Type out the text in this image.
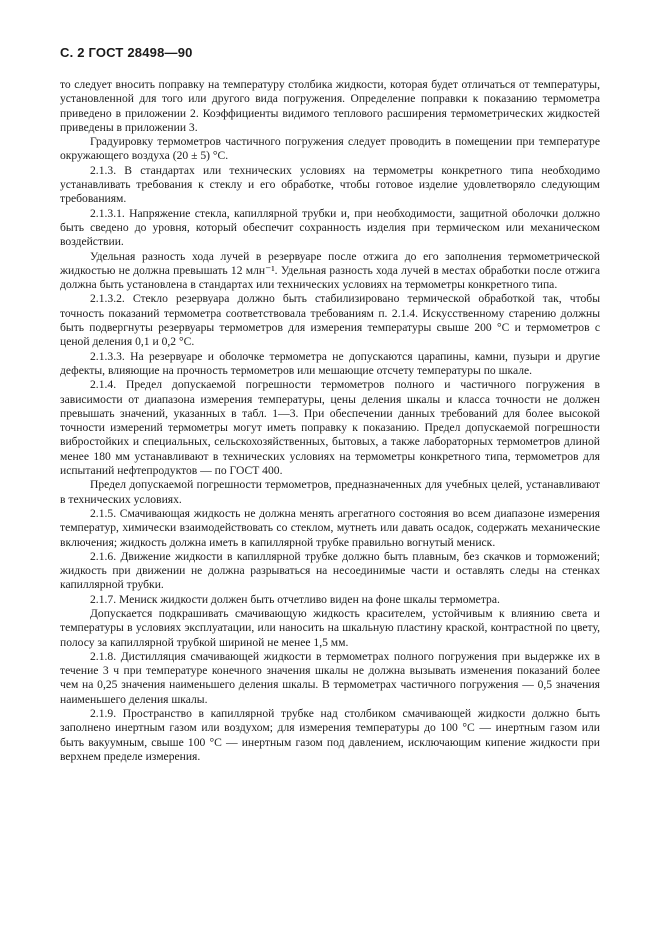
С. 2 ГОСТ 28498—90

то следует вносить поправку на температуру столбика жидкости, которая будет отличаться от температуры, установленной для того или другого вида погружения. Определение поправки к показанию термометра приведено в приложении 2. Коэффициенты видимого теплового расширения термометрических жидкостей приведены в приложении 3.

Градуировку термометров частичного погружения следует проводить в помещении при температуре окружающего воздуха (20 ± 5) °С.

2.1.3. В стандартах или технических условиях на термометры конкретного типа необходимо устанавливать требования к стеклу и его обработке, чтобы готовое изделие удовлетворяло следующим требованиям.

2.1.3.1. Напряжение стекла, капиллярной трубки и, при необходимости, защитной оболочки должно быть сведено до уровня, который обеспечит сохранность изделия при термическом или механическом воздействии.

Удельная разность хода лучей в резервуаре после отжига до его заполнения термометрической жидкостью не должна превышать 12 млн⁻¹. Удельная разность хода лучей в местах обработки после отжига должна быть установлена в стандартах или технических условиях на термометры конкретного типа.

2.1.3.2. Стекло резервуара должно быть стабилизировано термической обработкой так, чтобы точность показаний термометра соответствовала требованиям п. 2.1.4. Искусственному старению должны быть подвергнуты резервуары термометров для измерения температуры свыше 200 °С и термометров с ценой деления 0,1 и 0,2 °С.

2.1.3.3. На резервуаре и оболочке термометра не допускаются царапины, камни, пузыри и другие дефекты, влияющие на прочность термометров или мешающие отсчету температуры по шкале.

2.1.4. Предел допускаемой погрешности термометров полного и частичного погружения в зависимости от диапазона измерения температуры, цены деления шкалы и класса точности не должен превышать значений, указанных в табл. 1—3. При обеспечении данных требований для более высокой точности измерений термометры могут иметь поправку к показанию. Предел допускаемой погрешности вибростойких и специальных, сельскохозяйственных, бытовых, а также лабораторных термометров длиной менее 180 мм устанавливают в технических условиях на термометры конкретного типа, термометров для испытаний нефтепродуктов — по ГОСТ 400.

Предел допускаемой погрешности термометров, предназначенных для учебных целей, устанавливают в технических условиях.

2.1.5. Смачивающая жидкость не должна менять агрегатного состояния во всем диапазоне измерения температур, химически взаимодействовать со стеклом, мутнеть или давать осадок, содержать механические включения; жидкость должна иметь в капиллярной трубке правильно вогнутый мениск.

2.1.6. Движение жидкости в капиллярной трубке должно быть плавным, без скачков и торможений; жидкость при движении не должна разрываться на несоединимые части и оставлять следы на стенках капиллярной трубки.

2.1.7. Мениск жидкости должен быть отчетливо виден на фоне шкалы термометра.

Допускается подкрашивать смачивающую жидкость красителем, устойчивым к влиянию света и температуры в условиях эксплуатации, или наносить на шкальную пластину краской, контрастной по цвету, полосу за капиллярной трубкой шириной не менее 1,5 мм.

2.1.8. Дистилляция смачивающей жидкости в термометрах полного погружения при выдержке их в течение 3 ч при температуре конечного значения шкалы не должна вызывать изменения показаний более чем на 0,25 значения наименьшего деления шкалы. В термометрах частичного погружения — 0,5 значения наименьшего деления шкалы.

2.1.9. Пространство в капиллярной трубке над столбиком смачивающей жидкости должно быть заполнено инертным газом или воздухом; для измерения температуры до 100 °С — инертным газом или быть вакуумным, свыше 100 °С — инертным газом под давлением, исключающим кипение жидкости при верхнем пределе измерения.
